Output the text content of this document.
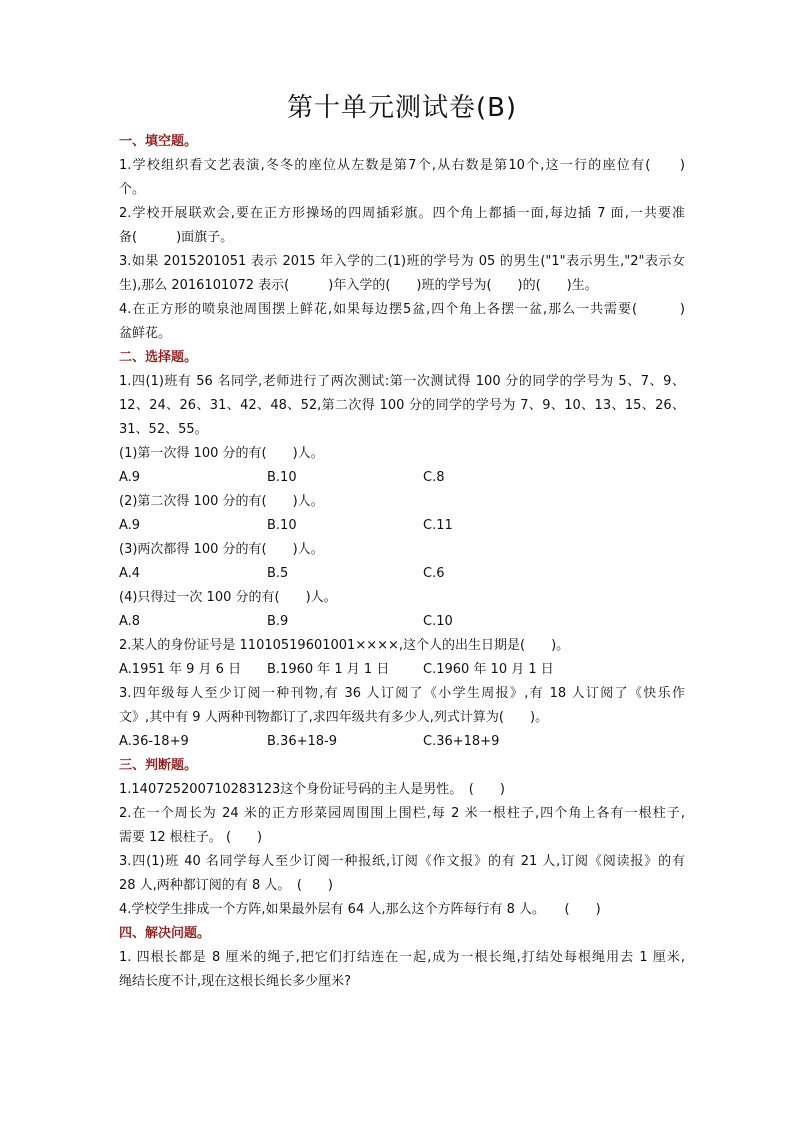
第十单元测试卷(B)
一、填空题。
1.学校组织看文艺表演,冬冬的座位从左数是第7个,从右数是第10个,这一行的座位有(　　)
个。
2.学校开展联欢会,要在正方形操场的四周插彩旗。四个角上都插一面,每边插 7 面,一共要准
备(　　　)面旗子。
3.如果 2015201051 表示 2015 年入学的二(1)班的学号为 05 的男生("1"表示男生,"2"表示女
生),那么 2016101072 表示(　　　)年入学的(　　)班的学号为(　　)的(　　)生。
4.在正方形的喷泉池周围摆上鲜花,如果每边摆5盆,四个角上各摆一盆,那么一共需要(　　　)
盆鲜花。
二、选择题。
1.四(1)班有 56 名同学,老师进行了两次测试:第一次测试得 100 分的同学的学号为 5、7、9、
12、24、26、31、42、48、52,第二次得 100 分的同学的学号为 7、9、10、13、15、26、
31、52、55。
(1)第一次得 100 分的有(　　)人。
A.9	B.10	C.8
(2)第二次得 100 分的有(　　)人。
A.9	B.10	C.11
(3)两次都得 100 分的有(　　)人。
A.4	B.5	C.6
(4)只得过一次 100 分的有(　　)人。
A.8	B.9	C.10
2.某人的身份证号是 11010519601001××××,这个人的出生日期是(　　)。
A.1951 年 9 月 6 日	B.1960 年 1 月 1 日	C.1960 年 10 月 1 日
3.四年级每人至少订阅一种刊物,有 36 人订阅了《小学生周报》,有 18 人订阅了《快乐作
文》,其中有 9 人两种刊物都订了,求四年级共有多少人,列式计算为(　　)。
A.36-18+9	B.36+18-9	C.36+18+9
三、判断题。
1.140725200710283123这个身份证号码的主人是男性。　(　　)
2.在一个周长为 24 米的正方形菜园周围围上围栏,每 2 米一根柱子,四个角上各有一根柱子,
需要 12 根柱子。 (　　)
3.四(1)班 40 名同学每人至少订阅一种报纸,订阅《作文报》的有 21 人,订阅《阅读报》的有
28 人,两种都订阅的有 8 人。　(　　)
4.学校学生排成一个方阵,如果最外层有 64 人,那么这个方阵每行有 8 人。　　(　　)
四、解决问题。
1. 四根长都是 8 厘米的绳子,把它们打结连在一起,成为一根长绳,打结处每根绳用去 1 厘米,
绳结长度不计,现在这根长绳长多少厘米?
